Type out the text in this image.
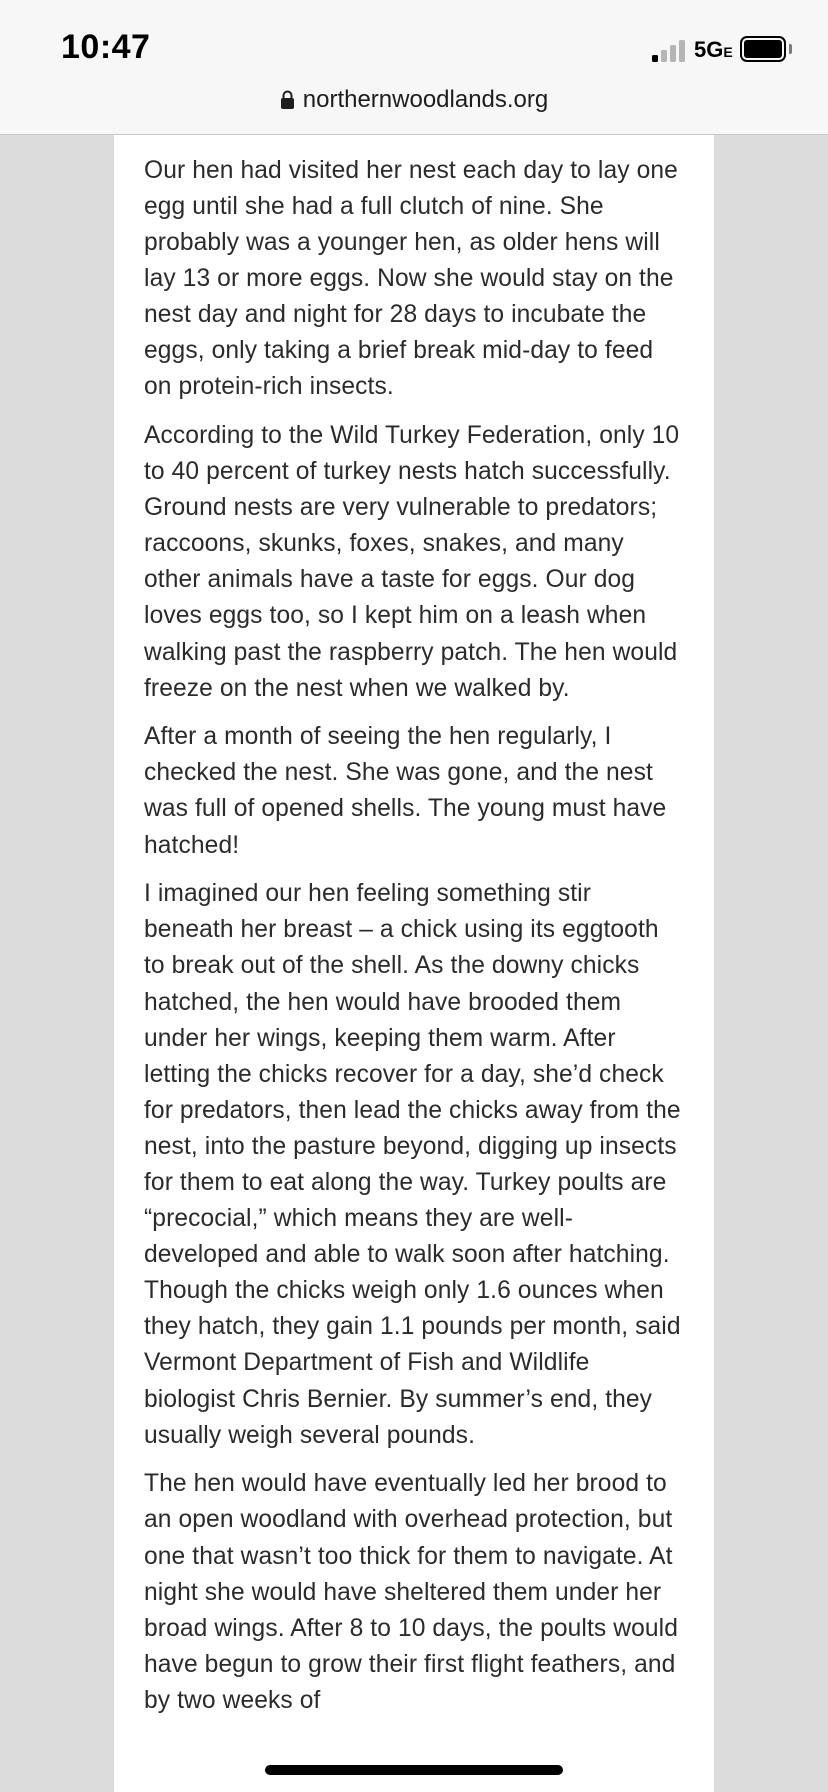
Our hen had visited her nest each day to lay one egg until she had a full clutch of nine. She probably was a younger hen, as older hens will lay 13 or more eggs. Now she would stay on the nest day and night for 28 days to incubate the eggs, only taking a brief break mid-day to feed on protein-rich insects.

According to the Wild Turkey Federation, only 10 to 40 percent of turkey nests hatch successfully. Ground nests are very vulnerable to predators; raccoons, skunks, foxes, snakes, and many other animals have a taste for eggs. Our dog loves eggs too, so I kept him on a leash when walking past the raspberry patch. The hen would freeze on the nest when we walked by.

After a month of seeing the hen regularly, I checked the nest. She was gone, and the nest was full of opened shells. The young must have hatched!

I imagined our hen feeling something stir beneath her breast – a chick using its eggtooth to break out of the shell. As the downy chicks hatched, the hen would have brooded them under her wings, keeping them warm. After letting the chicks recover for a day, she’d check for predators, then lead the chicks away from the nest, into the pasture beyond, digging up insects for them to eat along the way. Turkey poults are “precocial,” which means they are well-developed and able to walk soon after hatching. Though the chicks weigh only 1.6 ounces when they hatch, they gain 1.1 pounds per month, said Vermont Department of Fish and Wildlife biologist Chris Bernier. By summer’s end, they usually weigh several pounds.

The hen would have eventually led her brood to an open woodland with overhead protection, but one that wasn’t too thick for them to navigate. At night she would have sheltered them under her broad wings. After 8 to 10 days, the poults would have begun to grow their first flight feathers, and by two weeks of

10:47	5GE
northernwoodlands.org
